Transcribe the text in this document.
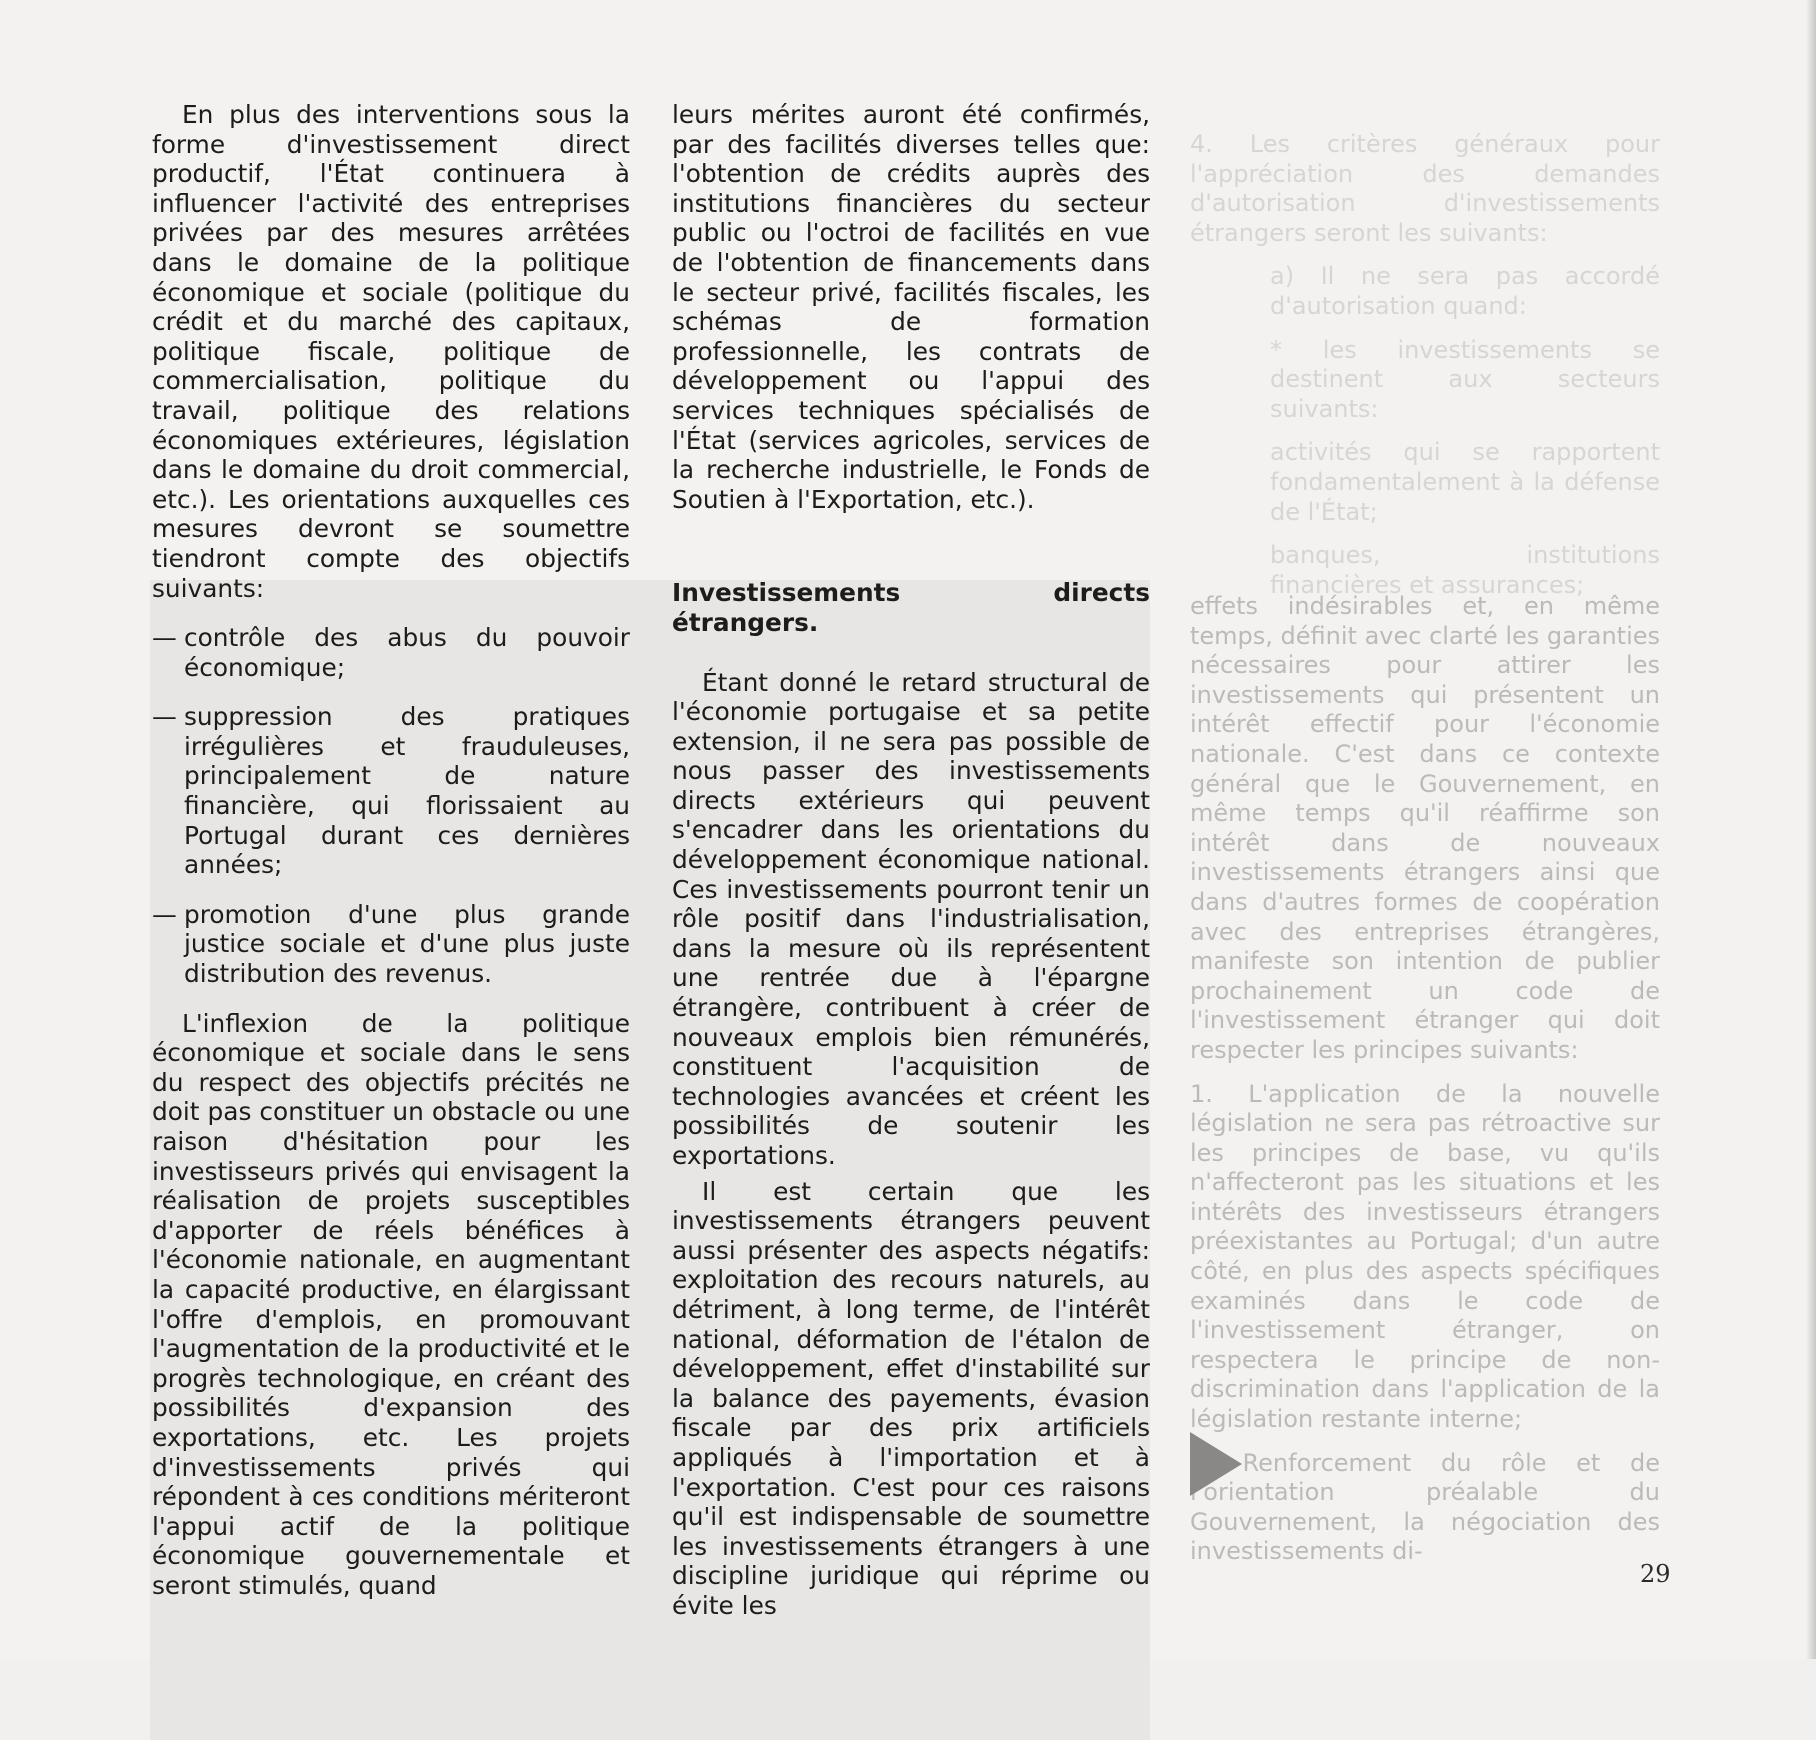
4. Les critères généraux pour l'appréciation des demandes d'autorisation d'investissements étrangers seront les suivants:

a) Il ne sera pas accordé d'autorisation quand:

* les investissements se destinent aux secteurs suivants:

activités qui se rapportent fondamentalement à la défense de l'État;

banques, institutions financières et assurances;

effets indésirables et, en même temps, définit avec clarté les garanties nécessaires pour attirer les investissements qui présentent un intérêt effectif pour l'économie nationale. C'est dans ce contexte général que le Gouvernement, en même temps qu'il réaffirme son intérêt dans de nouveaux investissements étrangers ainsi que dans d'autres formes de coopération avec des entreprises étrangères, manifeste son intention de publier prochainement un code de l'investissement étranger qui doit respecter les principes suivants:

1. L'application de la nouvelle législation ne sera pas rétroactive sur les principes de base, vu qu'ils n'affecteront pas les situations et les intérêts des investisseurs étrangers préexistantes au Portugal; d'un autre côté, en plus des aspects spécifiques examinés dans le code de l'investissement étranger, on respectera le principe de non-discrimination dans l'application de la législation restante interne;

2. Renforcement du rôle et de l'orientation préalable du Gouvernement, la négociation des investissements di-

En plus des interventions sous la forme d'investissement direct productif, l'État continuera à influencer l'activité des entreprises privées par des mesures arrêtées dans le domaine de la politique économique et sociale (politique du crédit et du marché des capitaux, politique fiscale, politique de commercialisation, politique du travail, politique des relations économiques extérieures, législation dans le domaine du droit commercial, etc.). Les orientations auxquelles ces mesures devront se soumettre tiendront compte des objectifs suivants:

— contrôle des abus du pouvoir économique;
— suppression des pratiques irrégulières et frauduleuses, principalement de nature financière, qui florissaient au Portugal durant ces dernières années;
— promotion d'une plus grande justice sociale et d'une plus juste distribution des revenus.

L'inflexion de la politique économique et sociale dans le sens du respect des objectifs précités ne doit pas constituer un obstacle ou une raison d'hésitation pour les investisseurs privés qui envisagent la réalisation de projets susceptibles d'apporter de réels bénéfices à l'économie nationale, en augmentant la capacité productive, en élargissant l'offre d'emplois, en promouvant l'augmentation de la productivité et le progrès technologique, en créant des possibilités d'expansion des exportations, etc. Les projets d'investissements privés qui répondent à ces conditions mériteront l'appui actif de la politique économique gouvernementale et seront stimulés, quand

leurs mérites auront été confirmés, par des facilités diverses telles que: l'obtention de crédits auprès des institutions financières du secteur public ou l'octroi de facilités en vue de l'obtention de financements dans le secteur privé, facilités fiscales, les schémas de formation professionnelle, les contrats de développement ou l'appui des services techniques spécialisés de l'État (services agricoles, services de la recherche industrielle, le Fonds de Soutien à l'Exportation, etc.).

Investissements directs étrangers.

Étant donné le retard structural de l'économie portugaise et sa petite extension, il ne sera pas possible de nous passer des investissements directs extérieurs qui peuvent s'encadrer dans les orientations du développement économique national. Ces investissements pourront tenir un rôle positif dans l'industrialisation, dans la mesure où ils représentent une rentrée due à l'épargne étrangère, contribuent à créer de nouveaux emplois bien rémunérés, constituent l'acquisition de technologies avancées et créent les possibilités de soutenir les exportations.

Il est certain que les investissements étrangers peuvent aussi présenter des aspects négatifs: exploitation des recours naturels, au détriment, à long terme, de l'intérêt national, déformation de l'étalon de développement, effet d'instabilité sur la balance des payements, évasion fiscale par des prix artificiels appliqués à l'importation et à l'exportation. C'est pour ces raisons qu'il est indispensable de soumettre les investissements étrangers à une discipline juridique qui réprime ou évite les

29
